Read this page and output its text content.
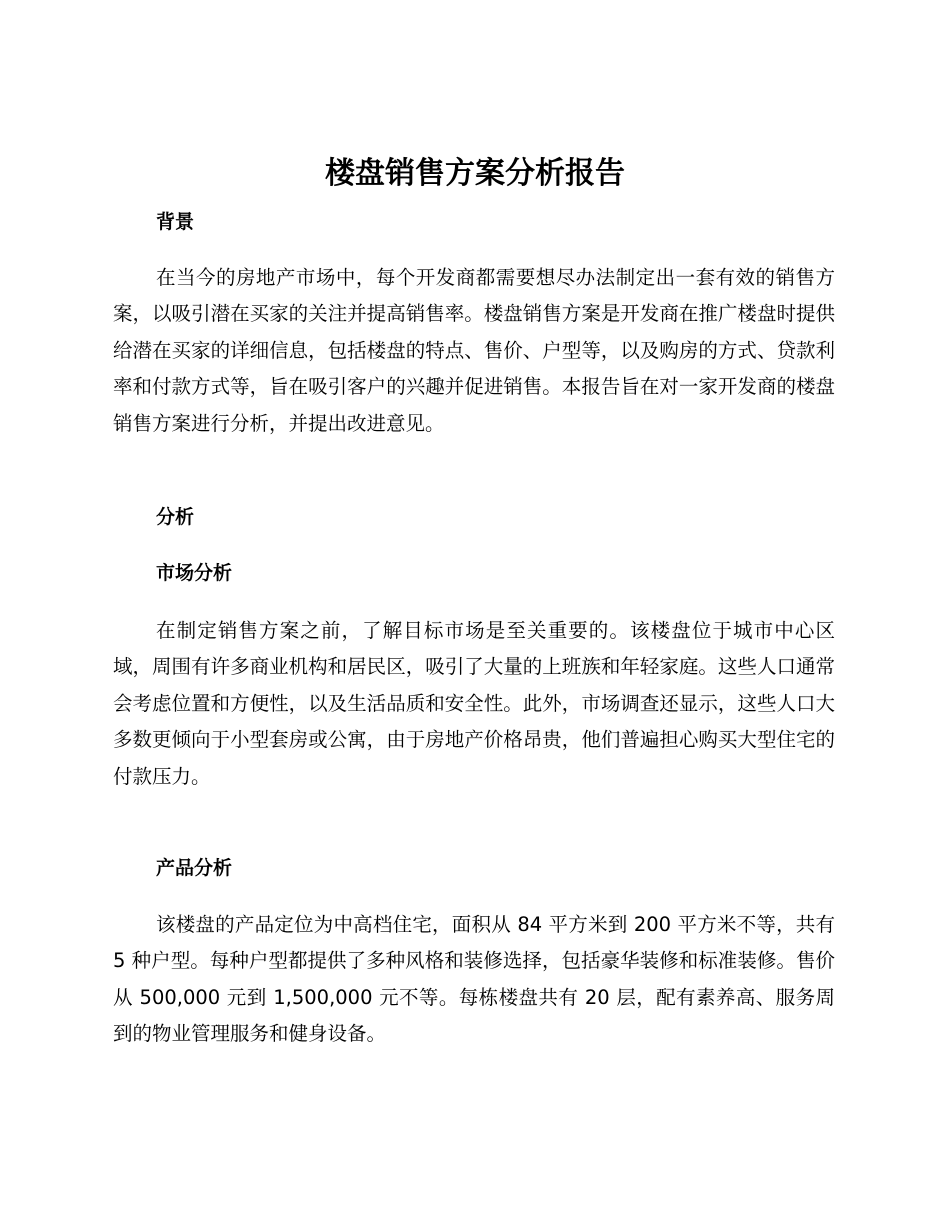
楼盘销售方案分析报告
背景

在当今的房地产市场中，每个开发商都需要想尽办法制定出一套有效的销售方案，以吸引潜在买家的关注并提高销售率。楼盘销售方案是开发商在推广楼盘时提供给潜在买家的详细信息，包括楼盘的特点、售价、户型等，以及购房的方式、贷款利率和付款方式等，旨在吸引客户的兴趣并促进销售。本报告旨在对一家开发商的楼盘销售方案进行分析，并提出改进意见。

分析
市场分析

在制定销售方案之前，了解目标市场是至关重要的。该楼盘位于城市中心区域，周围有许多商业机构和居民区，吸引了大量的上班族和年轻家庭。这些人口通常会考虑位置和方便性，以及生活品质和安全性。此外，市场调查还显示，这些人口大多数更倾向于小型套房或公寓，由于房地产价格昂贵，他们普遍担心购买大型住宅的付款压力。

产品分析

该楼盘的产品定位为中高档住宅，面积从 84 平方米到 200 平方米不等，共有 5 种户型。每种户型都提供了多种风格和装修选择，包括豪华装修和标准装修。售价从 500,000 元到 1,500,000 元不等。每栋楼盘共有 20 层，配有素养高、服务周到的物业管理服务和健身设备。
